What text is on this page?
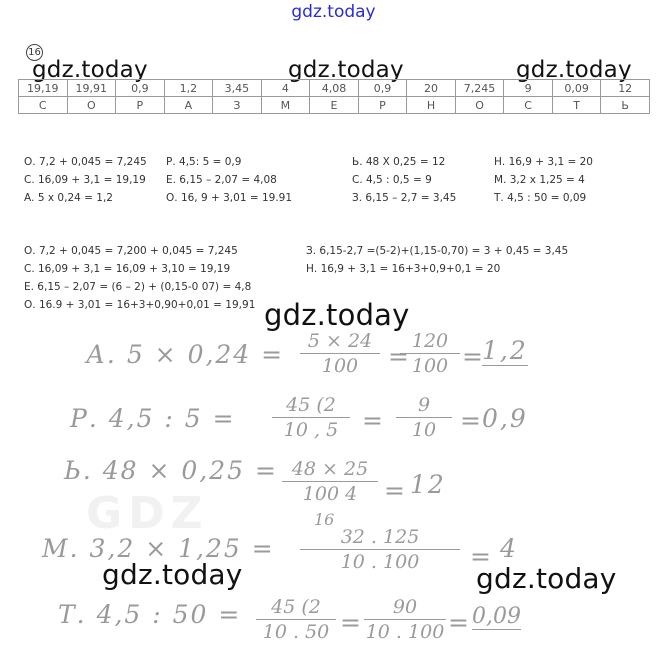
gdz.today
16
gdz.today	gdz.today	gdz.today
19,19	19,91	0,9	1,2	3,45	4	4,08	0,9	20	7,245	9	0,09	12
С	О	Р	А	З	М	Е	Р	Н	О	С	Т	Ь
О. 7,2 + 0,045 = 7,245 Р. 4,5: 5 = 0,9	Ь. 48 Х 0,25 = 12	Н. 16,9 + 3,1 = 20
С. 16,09 + 3,1 = 19,19 Е. 6,15 – 2,07 = 4,08	С. 4,5 : 0,5 = 9	М. 3,2 х 1,25 = 4
А. 5 х 0,24 = 1,2	О. 16, 9 + 3,01 = 19.91	З. 6,15 – 2,7 = 3,45	Т. 4,5 : 50 = 0,09
О. 7,2 + 0,045 = 7,200 + 0,045 = 7,245
С. 16,09 + 3,1 = 16,09 + 3,10 = 19,19
Е. 6,15 – 2,07 = (6 – 2) + (0,15-0 07) = 4,8
О. 16.9 + 3,01 = 16+3+0,90+0,01 = 19,91
З. 6,15-2,7 =(5-2)+(1,15-0,70) = 3 + 0,45 = 3,45
Н. 16,9 + 3,1 = 16+3+0,9+0,1 = 20
gdz.today
GDZ
А. 5 × 0,24 =	5 × 24
100	=
120
100 =
1,2
Р. 4,5 : 5 =	45 (2
10 , 5 =
9
10 = 0,9
Ь. 48 × 0,25 = 48 × 25
100 4
16
= 12
М. 3,2 × 1,25 =	32 . 125
10 . 100	= 4
gdz.today	gdz.today
Т. 4,5 : 50 =	45 (2
10 . 50 =
90
10 . 100 = 0,09
